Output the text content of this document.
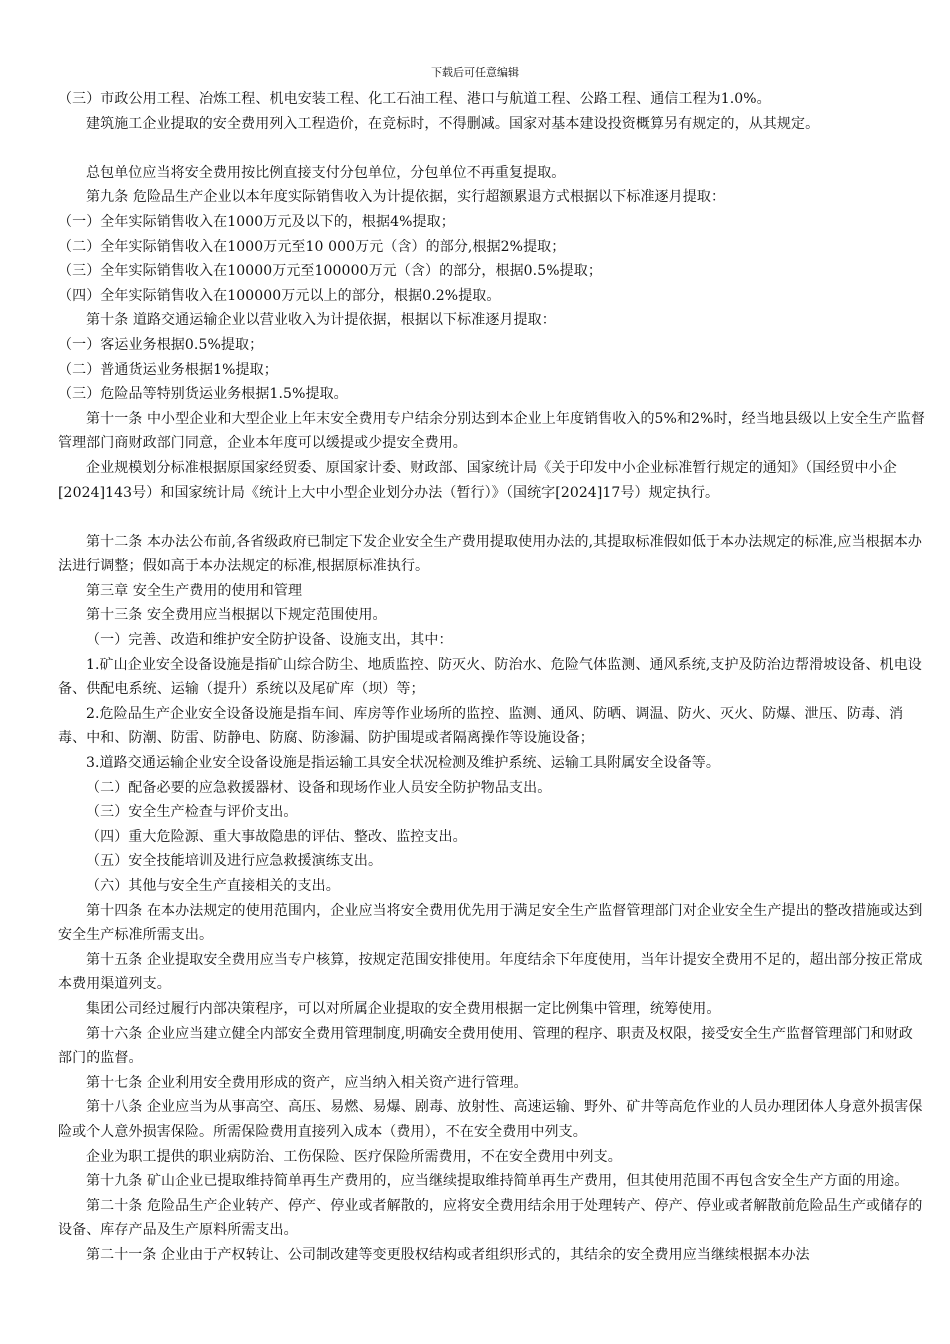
下载后可任意编辑

（三）市政公用工程、冶炼工程、机电安装工程、化工石油工程、港口与航道工程、公路工程、通信工程为1.0%。

建筑施工企业提取的安全费用列入工程造价，在竞标时，不得删减。国家对基本建设投资概算另有规定的，从其规定。

总包单位应当将安全费用按比例直接支付分包单位，分包单位不再重复提取。

第九条 危险品生产企业以本年度实际销售收入为计提依据，实行超额累退方式根据以下标准逐月提取：

（一）全年实际销售收入在1000万元及以下的，根据4%提取；

（二）全年实际销售收入在1000万元至10 000万元（含）的部分,根据2%提取；

（三）全年实际销售收入在10000万元至100000万元（含）的部分，根据0.5%提取；

（四）全年实际销售收入在100000万元以上的部分，根据0.2%提取。

第十条 道路交通运输企业以营业收入为计提依据，根据以下标准逐月提取：

（一）客运业务根据0.5%提取；

（二）普通货运业务根据1%提取；

（三）危险品等特别货运业务根据1.5%提取。

第十一条 中小型企业和大型企业上年末安全费用专户结余分别达到本企业上年度销售收入的5%和2%时，经当地县级以上安全生产监督管理部门商财政部门同意，企业本年度可以缓提或少提安全费用。

企业规模划分标准根据原国家经贸委、原国家计委、财政部、国家统计局《关于印发中小企业标准暂行规定的通知》（国经贸中小企[2024]143号）和国家统计局《统计上大中小型企业划分办法（暂行）》（国统字[2024]17号）规定执行。

第十二条 本办法公布前,各省级政府已制定下发企业安全生产费用提取使用办法的,其提取标准假如低于本办法规定的标准,应当根据本办法进行调整；假如高于本办法规定的标准,根据原标准执行。

第三章 安全生产费用的使用和管理

第十三条 安全费用应当根据以下规定范围使用。

（一）完善、改造和维护安全防护设备、设施支出，其中：

1.矿山企业安全设备设施是指矿山综合防尘、地质监控、防灭火、防治水、危险气体监测、通风系统,支护及防治边帮滑坡设备、机电设备、供配电系统、运输（提升）系统以及尾矿库（坝）等；

2.危险品生产企业安全设备设施是指车间、库房等作业场所的监控、监测、通风、防晒、调温、防火、灭火、防爆、泄压、防毒、消毒、中和、防潮、防雷、防静电、防腐、防渗漏、防护围堤或者隔离操作等设施设备；

3.道路交通运输企业安全设备设施是指运输工具安全状况检测及维护系统、运输工具附属安全设备等。

（二）配备必要的应急救援器材、设备和现场作业人员安全防护物品支出。

（三）安全生产检查与评价支出。

（四）重大危险源、重大事故隐患的评估、整改、监控支出。

（五）安全技能培训及进行应急救援演练支出。

（六）其他与安全生产直接相关的支出。

第十四条 在本办法规定的使用范围内，企业应当将安全费用优先用于满足安全生产监督管理部门对企业安全生产提出的整改措施或达到安全生产标准所需支出。

第十五条 企业提取安全费用应当专户核算，按规定范围安排使用。年度结余下年度使用，当年计提安全费用不足的，超出部分按正常成本费用渠道列支。

集团公司经过履行内部决策程序，可以对所属企业提取的安全费用根据一定比例集中管理，统筹使用。

第十六条 企业应当建立健全内部安全费用管理制度,明确安全费用使用、管理的程序、职责及权限，接受安全生产监督管理部门和财政部门的监督。

第十七条 企业利用安全费用形成的资产，应当纳入相关资产进行管理。

第十八条 企业应当为从事高空、高压、易燃、易爆、剧毒、放射性、高速运输、野外、矿井等高危作业的人员办理团体人身意外损害保险或个人意外损害保险。所需保险费用直接列入成本（费用），不在安全费用中列支。

企业为职工提供的职业病防治、工伤保险、医疗保险所需费用，不在安全费用中列支。

第十九条 矿山企业已提取维持简单再生产费用的，应当继续提取维持简单再生产费用，但其使用范围不再包含安全生产方面的用途。

第二十条 危险品生产企业转产、停产、停业或者解散的，应将安全费用结余用于处理转产、停产、停业或者解散前危险品生产或储存的设备、库存产品及生产原料所需支出。

第二十一条 企业由于产权转让、公司制改建等变更股权结构或者组织形式的，其结余的安全费用应当继续根据本办法
